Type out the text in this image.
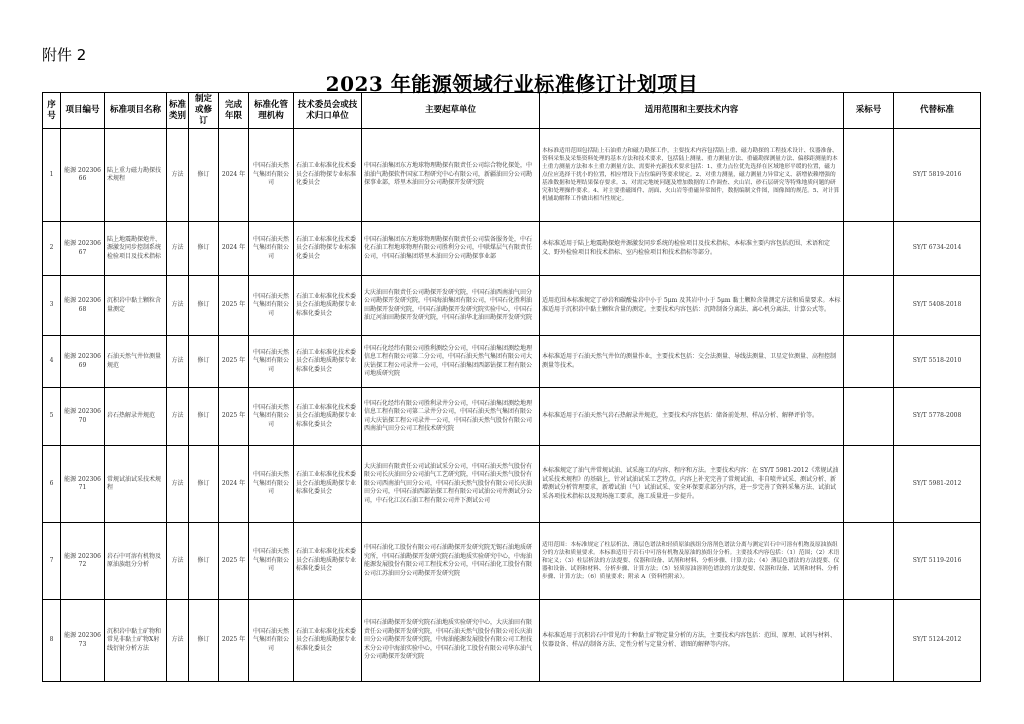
附件 2
2023 年能源领域行业标准修订计划项目
序号	项目编号	标准项目名称	标准类别	制定或修订	完成年限	标准化管理机构	技术委员会或技术归口单位	主要起草单位	适用范围和主要技术内容	采标号	代替标准
1	能源 20230666	陆上重力磁力勘探技术规程	方法	修订	2024 年	中国石油天然气集团有限公司	石油工业标准化技术委员会石油物探专业标准化委员会	中国石油集团东方地球物理勘探有限责任公司综合物化探处，中油油气勘探软件国家工程研究中心有限公司，新疆油田分公司勘探事业部，塔里木油田分公司勘探开发研究院	本标准适用范围包括陆上石油重力和磁力勘探工作，主要技术内容包括陆上重、磁力勘探的工程技术设计、仪器准备、资料采集及采集资料处理的基本方法和技术要求，包括陆上测量、重力测量方法、重磁勘探测量方法、偏移距测量的本土重力测量方法和本土重力测量方法、需要补充新技术要求包括：1、重力点位优先选择在区域地形平缓的位置，磁力点位应选择干扰小的位置，相应增设下点位编码等要求规定。2、对重力测量，磁力测量力异常定义、新增依赖增强的基准数据和处理结果保存要求。3、对需完地统问题及增加数据的工作调查、火山岩、砂石层研究等特殊地质问题的研究和处理操作要求。4、对主要重磁图件、剖面、火山岩等重磁异常图件，数据编制文件图，图像图的规范。5、对计算机辅助解释工作做出相当性规定。		SY/T 5819-2016
2	能源 20230667	陆上地震勘探炮井、源激发同步控制系统检验项目及技术指标	方法	修订	2024 年	中国石油天然气集团有限公司	石油工业标准化技术委员会石油物探专业标准化委员会	中国石油集团东方地球物理勘探有限责任公司装备服务处，中石化石油工程地球物理有限公司胜利分公司，中联煤层气有限责任公司，中国石油集团塔里木油田分公司勘探事业部	本标准适用于陆上地震勘探炮井源激发同步系统的检验项目及技术指标，本标准主要内容包括范围、术语和定义、野外检验项目和技术指标、室内检验项目和技术指标等部分。		SY/T 6734-2014
3	能源 20230668	沉积岩中黏土颗粒含量测定	方法	修订	2025 年	中国石油天然气集团有限公司	石油工业标准化技术委员会石油地质勘探专业标准化委员会	大庆油田有限责任公司勘探开发研究院，中国石油西南油气田分公司勘探开发研究院，中国海油集团有限公司，中国石化胜利油田勘探开发研究院，中国石油勘探开发研究院实验中心，中国石油辽河油田勘探开发研究院，中国石油华北油田勘探开发研究院	适用范围本标准规定了砂岩和碳酸盐岩中小于 5μm 及其岩中小于 5μm 黏土颗粒含量测定方法和质量要求。本标准适用于沉积岩中黏土颗粒含量的测定。主要技术内容包括：沉降制备分离法、离心机分离法、计算公式等。		SY/T 5408-2018
4	能源 20230669	石油天然气井位测量规范	方法	修订	2025 年	中国石油天然气集团有限公司	石油工业标准化技术委员会石油地质勘探专业标准化委员会	中国石化经纬有限公司胜利测绘分公司，中国石油集团测绘地理信息工程有限公司第二分公司，中国石油天然气集团有限公司大庆钻探工程公司录井一公司，中国石油集团西部钻探工程有限公司地质研究院	本标准适用于石油天然气井位的测量作业，主要技术包括：交会法测量、导线法测量、卫星定位测量、高程控制测量等技术。		SY/T 5518-2010
5	能源 20230670	岩石热解录井规范	方法	修订	2025 年	中国石油天然气集团有限公司	石油工业标准化技术委员会石油地质勘探专业标准化委员会	中国石化经纬有限公司胜利录井分公司，中国石油集团测绘地理信息工程有限公司第二录井分公司，中国石油天然气集团有限公司大庆钻探工程公司录井一公司，中国石油天然气股份有限公司西南油气田分公司工程技术研究院	本标准适用于石油天然气岩石热解录井规范，主要技术内容包括：储备前处理、样品分析、解释评价等。		SY/T 5778-2008
6	能源 20230671	常规试油试采技术规程	方法	修订	2024 年	中国石油天然气集团有限公司	石油工业标准化技术委员会石油地质勘探专业标准化委员会	大庆油田有限责任公司试油试采分公司，中国石油天然气股份有限公司长庆油田分公司油气工艺研究院，中国石油天然气股份有限公司西南油气田分公司，中国石油天然气股份有限公司长庆油田分公司，中国石油西部钻探工程有限公司试油公司井测试分公司，中石化江汉石油工程有限公司井下测试公司	本标准规定了油气井常规试油、试采施工的内容、程序和方法。主要技术内容：在 SY/T 5981-2012《常规试油试采技术规程》的基础上，针对试油试采工艺特点，内容上补充完善了常规试油、非自喷井试采、测试分析、新增测试分析管理要求，新增试油（气）试油试采、安全环保要求部分内容，进一步完善了资料采集方法、试油试采各项技术指标以及现场施工要求，施工质量进一步提升。		SY/T 5981-2012
7	能源 20230672	岩石中可溶有机物及原油族组分分析	方法	修订	2025 年	中国石油天然气集团有限公司	石油工业标准化技术委员会石油地质勘探专业标准化委员会	中国石油化工股份有限公司石油勘探开发研究院无锡石油地质研究所，中国石油勘探开发研究院石油地质实验研究中心，中海油能源发展股份有限公司工程技术分公司，中国石油化工股份有限公司江苏油田分公司勘探开发研究院	适用范围：本标准规定了柱层析法、薄层色谱法和轻质原油族组分溶剂色谱法分离与测定岩石中可溶有机物及原油族组分的方法和质量要求。本标准适用于岩石中可溶有机物及原油的族组分分析。主要技术内容包括：（1）范围；（2）术语和定义；（3）柱层析法的方法提要、仪器和设备、试剂和材料、分析步骤、计算方法；（4）薄层色谱法的方法提要、仪器和设备、试剂和材料、分析步骤、计算方法；（5）轻质原油溶剂色谱法的方法提要、仪器和设备、试剂和材料、分析步骤、计算方法；（6）质量要求；附录 A（资料性附录）。		SY/T 5119-2016
8	能源 20230673	沉积岩中黏土矿物和常见非黏土矿物X射线衍射分析方法	方法	修订	2025 年	中国石油天然气集团有限公司	石油工业标准化技术委员会石油地质勘探专业标准化委员会	中国石油勘探开发研究院石油地质实验研究中心，大庆油田有限责任公司勘探开发研究院，中国石油天然气股份有限公司长庆油田分公司勘探开发研究院，中海油能源发展股份有限公司工程技术分公司中海油实验中心，中国石油化工股份有限公司华东油气分公司勘探开发研究院	本标准适用于沉积岩石中常见的十种黏土矿物定量分析的方法，主要技术内容包括：范围、原理、试剂与材料、仪器设备、样品的制备方法、定性分析与定量分析、谱图的解释等内容。		SY/T 5124-2012
